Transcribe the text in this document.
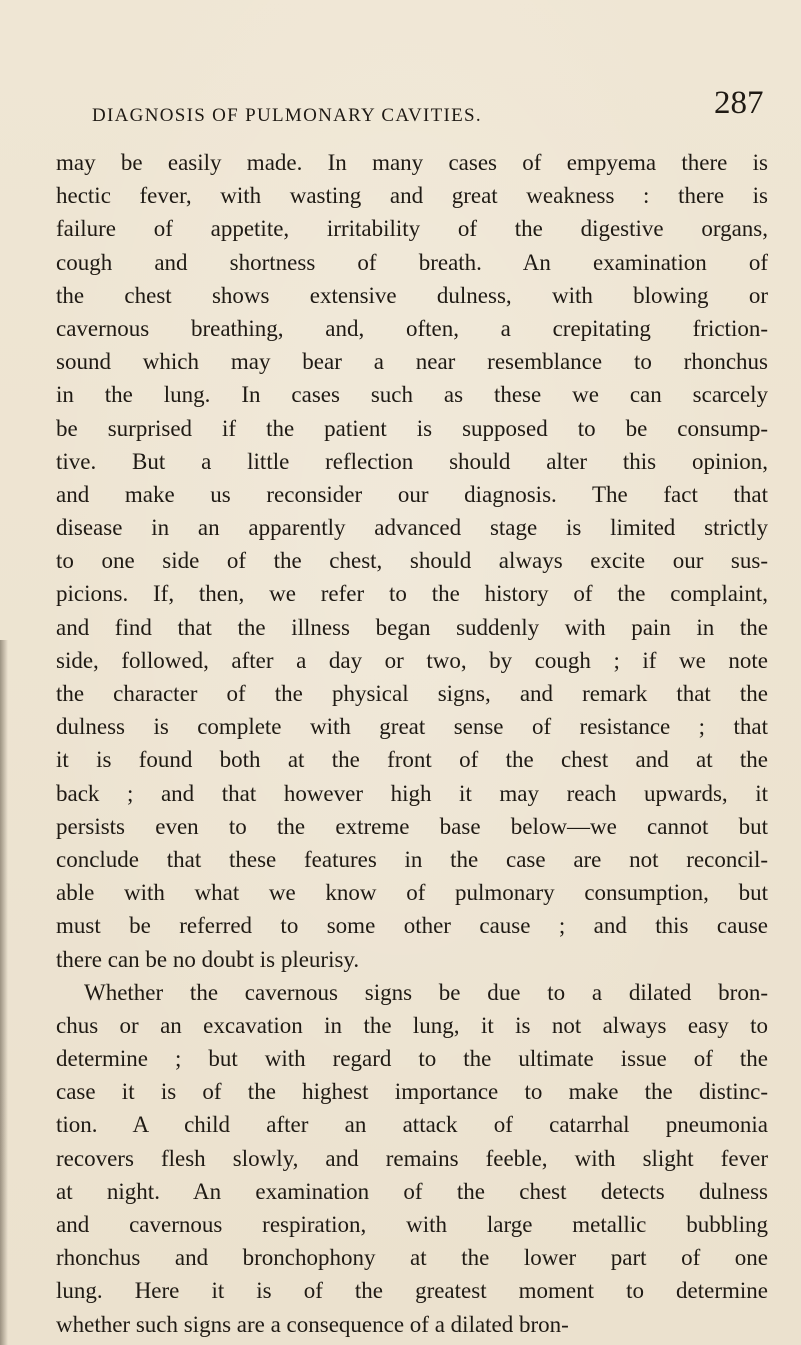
DIAGNOSIS OF PULMONARY CAVITIES.	287
may be easily made. In many cases of empyema there is
hectic fever, with wasting and great weakness : there is
failure of appetite, irritability of the digestive organs,
cough and shortness of breath. An examination of
the chest shows extensive dulness, with blowing or
cavernous breathing, and, often, a crepitating friction-
sound which may bear a near resemblance to rhonchus
in the lung. In cases such as these we can scarcely
be surprised if the patient is supposed to be consump-
tive. But a little reflection should alter this opinion,
and make us reconsider our diagnosis. The fact that
disease in an apparently advanced stage is limited strictly
to one side of the chest, should always excite our sus-
picions. If, then, we refer to the history of the complaint,
and find that the illness began suddenly with pain in the
side, followed, after a day or two, by cough ; if we note
the character of the physical signs, and remark that the
dulness is complete with great sense of resistance ; that
it is found both at the front of the chest and at the
back ; and that however high it may reach upwards, it
persists even to the extreme base below—we cannot but
conclude that these features in the case are not reconcil-
able with what we know of pulmonary consumption, but
must be referred to some other cause ; and this cause
there can be no doubt is pleurisy.
Whether the cavernous signs be due to a dilated bron-
chus or an excavation in the lung, it is not always easy to
determine ; but with regard to the ultimate issue of the
case it is of the highest importance to make the distinc-
tion. A child after an attack of catarrhal pneumonia
recovers flesh slowly, and remains feeble, with slight fever
at night. An examination of the chest detects dulness
and cavernous respiration, with large metallic bubbling
rhonchus and bronchophony at the lower part of one
lung. Here it is of the greatest moment to determine
whether such signs are a consequence of a dilated bron-
